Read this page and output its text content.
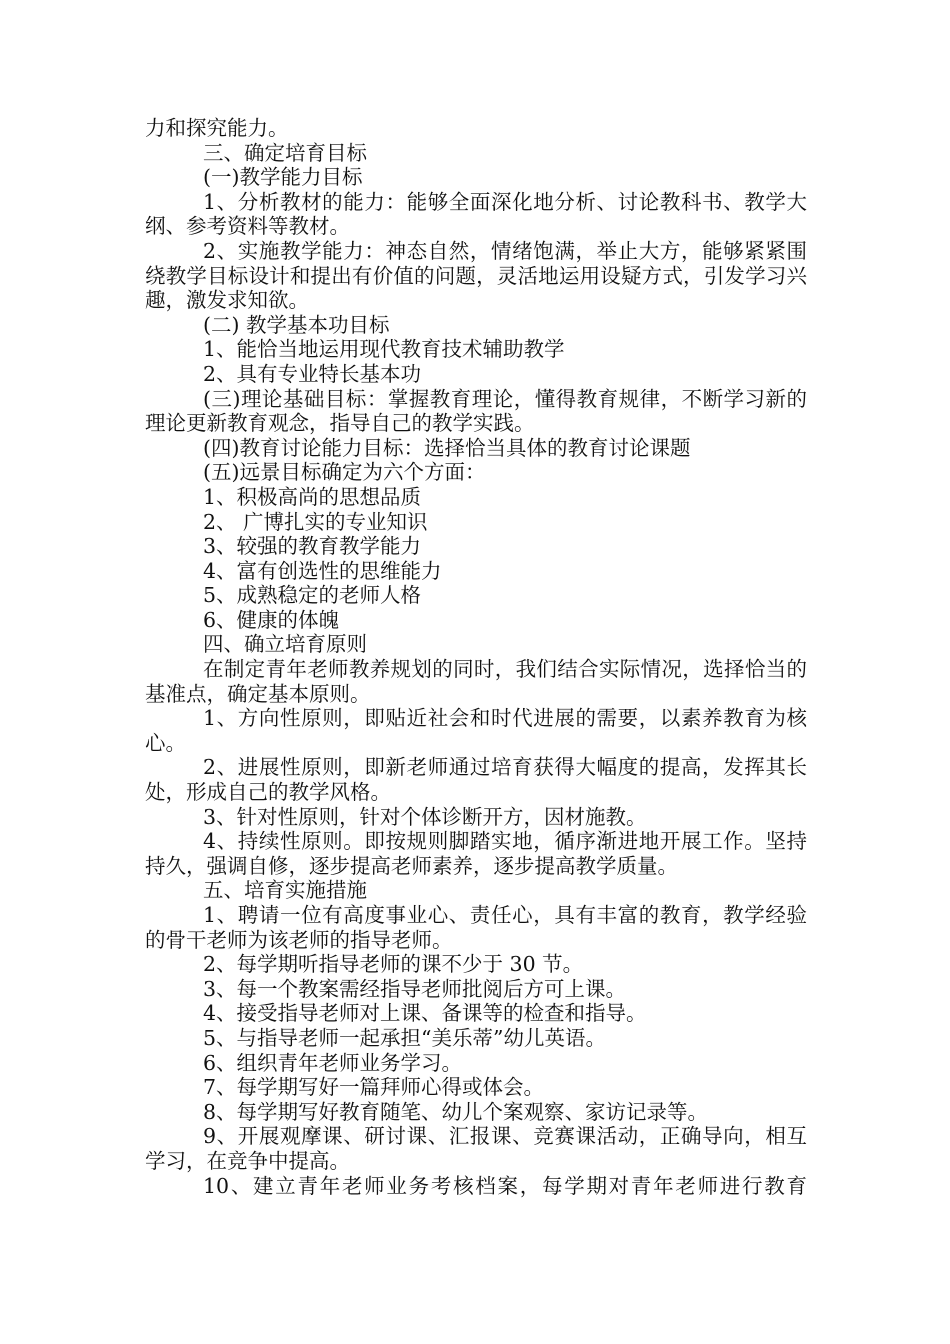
力和探究能力。

三、确定培育目标

(一)教学能力目标

1、分析教材的能力：能够全面深化地分析、讨论教科书、教学大纲、参考资料等教材。

2、实施教学能力：神态自然，情绪饱满，举止大方，能够紧紧围绕教学目标设计和提出有价值的问题，灵活地运用设疑方式，引发学习兴趣，激发求知欲。

(二) 教学基本功目标

1、能恰当地运用现代教育技术辅助教学

2、具有专业特长基本功

(三)理论基础目标：掌握教育理论，懂得教育规律，不断学习新的理论更新教育观念，指导自己的教学实践。

(四)教育讨论能力目标：选择恰当具体的教育讨论课题

(五)远景目标确定为六个方面：

1、积极高尚的思想品质

2、 广博扎实的专业知识

3、较强的教育教学能力

4、富有创选性的思维能力

5、成熟稳定的老师人格

6、健康的体魄

四、确立培育原则

在制定青年老师教养规划的同时，我们结合实际情况，选择恰当的基准点，确定基本原则。

1、方向性原则，即贴近社会和时代进展的需要，以素养教育为核心。

2、进展性原则，即新老师通过培育获得大幅度的提高，发挥其长处，形成自己的教学风格。

3、针对性原则，针对个体诊断开方，因材施教。

4、持续性原则。即按规则脚踏实地，循序渐进地开展工作。坚持持久，强调自修，逐步提高老师素养，逐步提高教学质量。

五、培育实施措施

1、聘请一位有高度事业心、责任心，具有丰富的教育，教学经验的骨干老师为该老师的指导老师。

2、每学期听指导老师的课不少于 30 节。

3、每一个教案需经指导老师批阅后方可上课。

4、接受指导老师对上课、备课等的检查和指导。

5、与指导老师一起承担“美乐蒂”幼儿英语。

6、组织青年老师业务学习。

7、每学期写好一篇拜师心得或体会。

8、每学期写好教育随笔、幼儿个案观察、家访记录等。

9、开展观摩课、研讨课、汇报课、竞赛课活动，正确导向，相互学习，在竞争中提高。

10、建立青年老师业务考核档案，每学期对青年老师进行教育
